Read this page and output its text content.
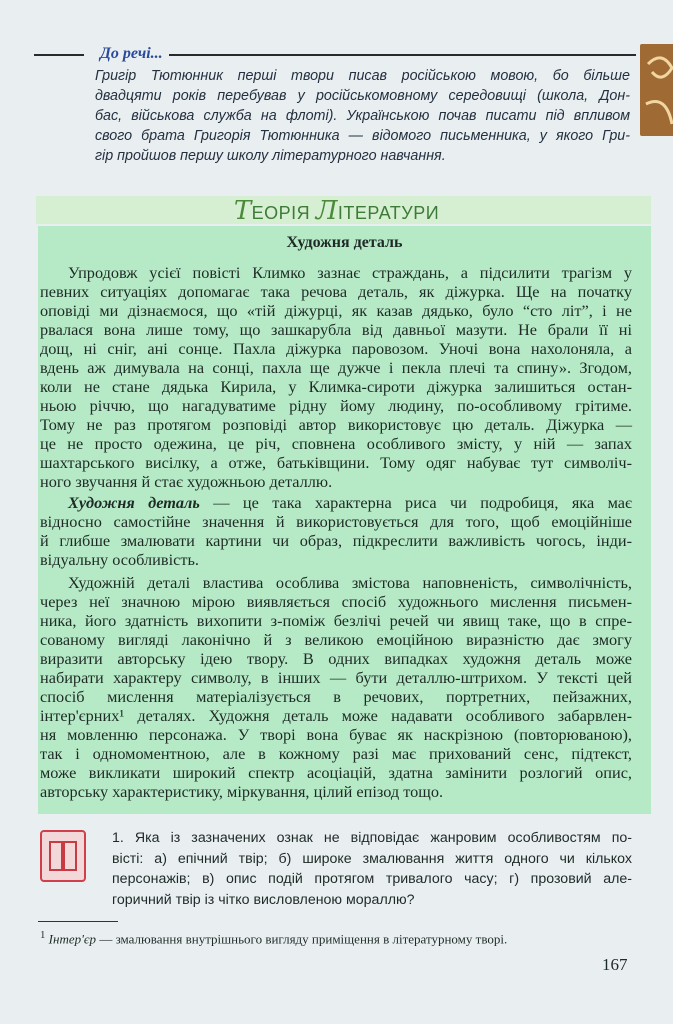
До речі...
Григір Тютюнник перші твори писав російською мовою, бо більше
двадцяти років перебував у російськомовному середовищі (школа, Дон-
бас, військова служба на флоті). Українською почав писати під впливом
свого брата Григорія Тютюнника — відомого письменника, у якого Гри-
гір пройшов першу школу літературного навчання.
ТЕОРІЯ ЛІТЕРАТУРИ
Художня деталь
Упродовж усієї повісті Климко зазнає страждань, а підсилити трагізм у
певних ситуаціях допомагає така речова деталь, як діжурка. Ще на початку
оповіді ми дізнаємося, що «тій діжурці, як казав дядько, було “сто літ”, і не
рвалася вона лише тому, що зашкарубла від давньої мазути. Не брали її ні
дощ, ні сніг, ані сонце. Пахла діжурка паровозом. Уночі вона нахолоняла, а
вдень аж димувала на сонці, пахла ще дужче і пекла плечі та спину». Згодом,
коли не стане дядька Кирила, у Климка-сироти діжурка залишиться остан-
ньою річчю, що нагадуватиме рідну йому людину, по-особливому грітиме.
Тому не раз протягом розповіді автор використовує цю деталь. Діжурка —
це не просто одежина, це річ, сповнена особливого змісту, у ній — запах
шахтарського висілку, а отже, батьківщини. Тому одяг набуває тут символіч-
ного звучання й стає художньою деталлю.
Художня деталь — це така характерна риса чи подробиця, яка має
відносно самостійне значення й використовується для того, щоб емоційніше
й глибше змалювати картини чи образ, підкреслити важливість чогось, інди-
відуальну особливість.
Художній деталі властива особлива змістова наповненість, символічність,
через неї значною мірою виявляється спосіб художнього мислення письмен-
ника, його здатність вихопити з-поміж безлічі речей чи явищ таке, що в спре-
сованому вигляді лаконічно й з великою емоційною виразністю дає змогу
виразити авторську ідею твору. В одних випадках художня деталь може
набирати характеру символу, в інших — бути деталлю-штрихом. У тексті цей
спосіб мислення матеріалізується в речових, портретних, пейзажних,
інтер'єрних¹ деталях. Художня деталь може надавати особливого забарвлен-
ня мовленню персонажа. У творі вона буває як наскрізною (повторюваною),
так і одномоментною, але в кожному разі має прихований сенс, підтекст,
може викликати широкий спектр асоціацій, здатна замінити розлогий опис,
авторську характеристику, міркування, цілий епізод тощо.
1. Яка із зазначених ознак не відповідає жанровим особливостям по-
вісті: а) епічний твір; б) широке змалювання життя одного чи кількох
персонажів; в) опис подій протягом тривалого часу; г) прозовий але-
горичний твір із чітко висловленою мораллю?
$^1$ Інтер'єр — змалювання внутрішнього вигляду приміщення в літературному творі.
167
